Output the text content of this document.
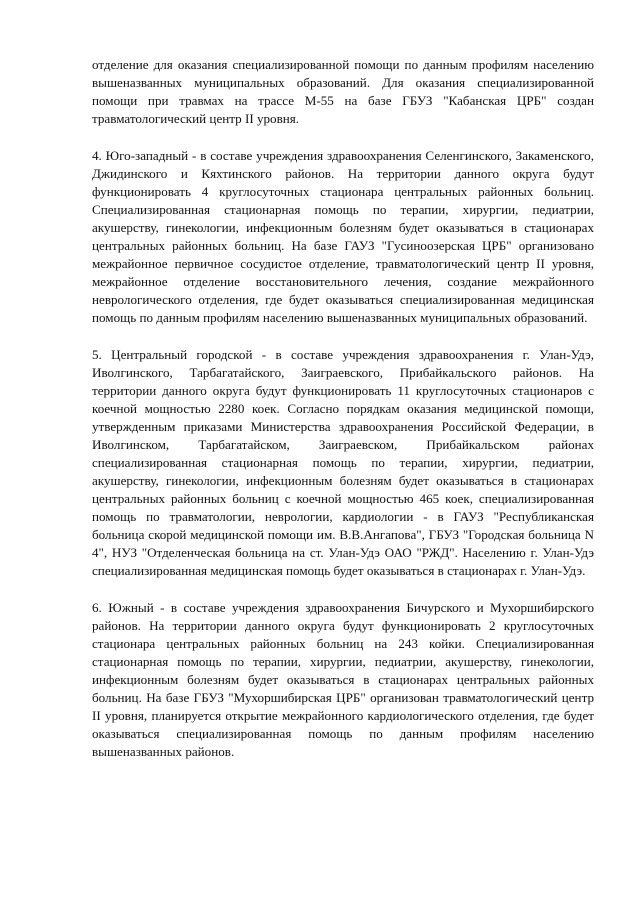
отделение для оказания специализированной помощи по данным профилям населению вышеназванных муниципальных образований. Для оказания специализированной помощи при травмах на трассе М-55 на базе ГБУЗ "Кабанская ЦРБ" создан травматологический центр II уровня.

4. Юго-западный - в составе учреждения здравоохранения Селенгинского, Закаменского, Джидинского и Кяхтинского районов. На территории данного округа будут функционировать 4 круглосуточных стационара центральных районных больниц. Специализированная стационарная помощь по терапии, хирургии, педиатрии, акушерству, гинекологии, инфекционным болезням будет оказываться в стационарах центральных районных больниц. На базе ГАУЗ "Гусиноозерская ЦРБ" организовано межрайонное первичное сосудистое отделение, травматологический центр II уровня, межрайонное отделение восстановительного лечения, создание межрайонного неврологического отделения, где будет оказываться специализированная медицинская помощь по данным профилям населению вышеназванных муниципальных образований.

5. Центральный городской - в составе учреждения здравоохранения г. Улан-Удэ, Иволгинского, Тарбагатайского, Заиграевского, Прибайкальского районов. На территории данного округа будут функционировать 11 круглосуточных стационаров с коечной мощностью 2280 коек. Согласно порядкам оказания медицинской помощи, утвержденным приказами Министерства здравоохранения Российской Федерации, в Иволгинском, Тарбагатайском, Заиграевском, Прибайкальском районах специализированная стационарная помощь по терапии, хирургии, педиатрии, акушерству, гинекологии, инфекционным болезням будет оказываться в стационарах центральных районных больниц с коечной мощностью 465 коек, специализированная помощь по травматологии, неврологии, кардиологии - в ГАУЗ "Республиканская больница скорой медицинской помощи им. В.В.Ангапова", ГБУЗ "Городская больница N 4", НУЗ "Отделенческая больница на ст. Улан-Удэ ОАО "РЖД". Населению г. Улан-Удэ специализированная медицинская помощь будет оказываться в стационарах г. Улан-Удэ.

6. Южный - в составе учреждения здравоохранения Бичурского и Мухоршибирского районов. На территории данного округа будут функционировать 2 круглосуточных стационара центральных районных больниц на 243 койки. Специализированная стационарная помощь по терапии, хирургии, педиатрии, акушерству, гинекологии, инфекционным болезням будет оказываться в стационарах центральных районных больниц. На базе ГБУЗ "Мухоршибирская ЦРБ" организован травматологический центр II уровня, планируется открытие межрайонного кардиологического отделения, где будет оказываться специализированная помощь по данным профилям населению вышеназванных районов.
